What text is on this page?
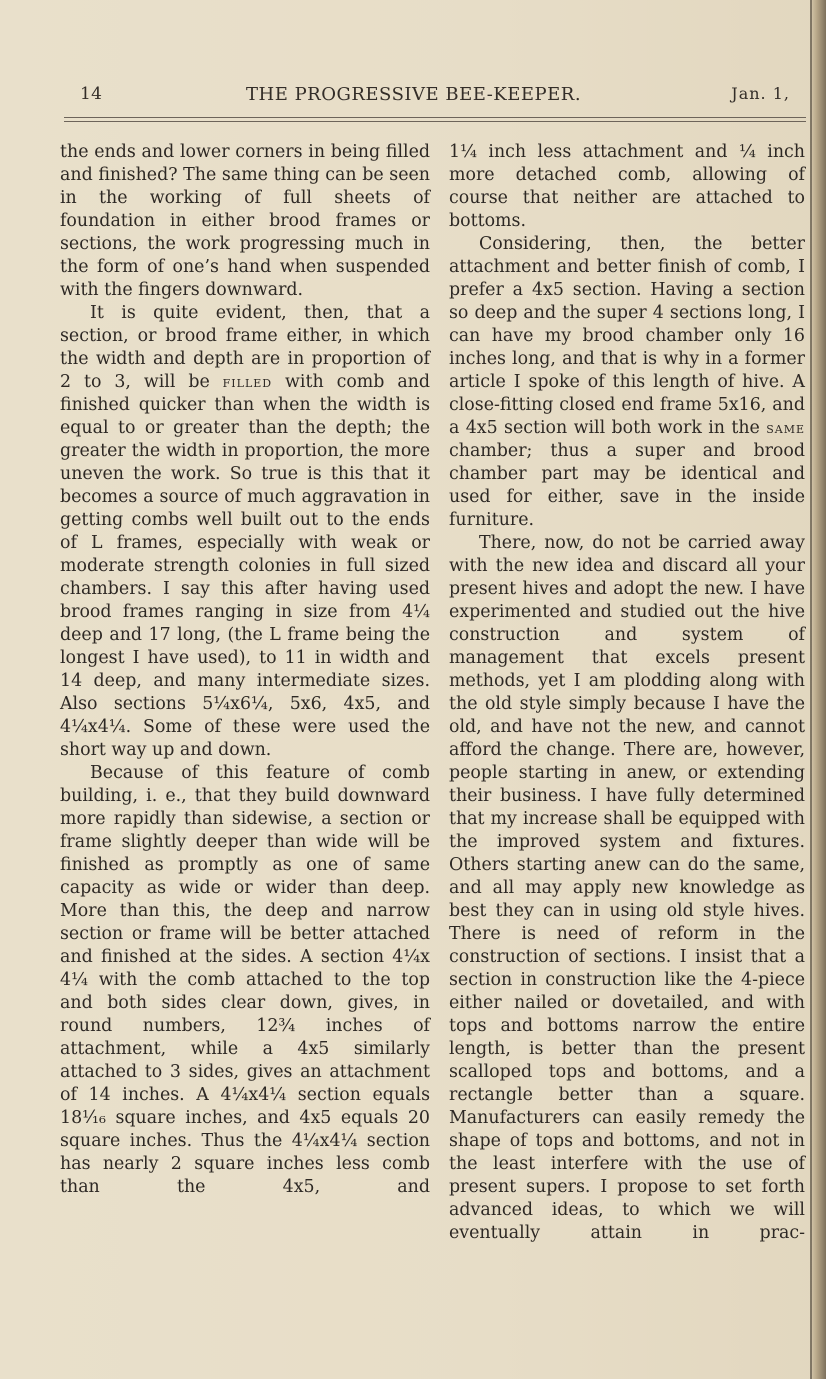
14	THE PROGRESSIVE BEE-KEEPER.	Jan. 1,

the ends and lower corners in being filled and finished? The same thing can be seen in the working of full sheets of foundation in either brood frames or sections, the work progressing much in the form of one’s hand when suspended with the fingers downward.

It is quite evident, then, that a section, or brood frame either, in which the width and depth are in proportion of 2 to 3, will be filled with comb and finished quicker than when the width is equal to or greater than the depth; the greater the width in proportion, the more uneven the work. So true is this that it becomes a source of much aggravation in getting combs well built out to the ends of L frames, especially with weak or moderate strength colonies in full sized chambers. I say this after having used brood frames ranging in size from 4¼ deep and 17 long, (the L frame being the longest I have used), to 11 in width and 14 deep, and many intermediate sizes. Also sections 5¼x6¼, 5x6, 4x5, and 4¼x4¼. Some of these were used the short way up and down.

Because of this feature of comb building, i. e., that they build downward more rapidly than sidewise, a section or frame slightly deeper than wide will be finished as promptly as one of same capacity as wide or wider than deep. More than this, the deep and narrow section or frame will be better attached and finished at the sides. A section 4¼x 4¼ with the comb attached to the top and both sides clear down, gives, in round numbers, 12¾ inches of attachment, while a 4x5 similarly attached to 3 sides, gives an attachment of 14 inches. A 4¼x4¼ section equals 18¹⁄₁₆ square inches, and 4x5 equals 20 square inches. Thus the 4¼x4¼ section has nearly 2 square inches less comb than the 4x5, and

1¼ inch less attachment and ¼ inch more detached comb, allowing of course that neither are attached to bottoms.

Considering, then, the better attachment and better finish of comb, I prefer a 4x5 section. Having a section so deep and the super 4 sections long, I can have my brood chamber only 16 inches long, and that is why in a former article I spoke of this length of hive. A close-fitting closed end frame 5x16, and a 4x5 section will both work in the same chamber; thus a super and brood chamber part may be identical and used for either, save in the inside furniture.

There, now, do not be carried away with the new idea and discard all your present hives and adopt the new. I have experimented and studied out the hive construction and system of management that excels present methods, yet I am plodding along with the old style simply because I have the old, and have not the new, and cannot afford the change. There are, however, people starting in anew, or extending their business. I have fully determined that my increase shall be equipped with the improved system and fixtures. Others starting anew can do the same, and all may apply new knowledge as best they can in using old style hives. There is need of reform in the construction of sections. I insist that a section in construction like the 4-piece either nailed or dovetailed, and with tops and bottoms narrow the entire length, is better than the present scalloped tops and bottoms, and a rectangle better than a square. Manufacturers can easily remedy the shape of tops and bottoms, and not in the least interfere with the use of present supers. I propose to set forth advanced ideas, to which we will eventually attain in prac-
